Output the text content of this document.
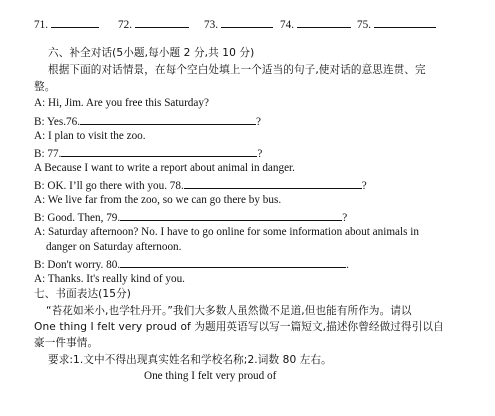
71.	72.	73.	74.	75.
六、补全对话(5小题,每小题 2 分,共 10 分)
根据下面的对话情景，在每个空白处填上一个适当的句子,使对话的意思连贯、完
整。
A: Hi, Jim. Are you free this Saturday?
B: Yes.76.	?
A: I plan to visit the zoo.
B: 77.	?
A Because I want to write a report about animal in danger.
B: OK. I’ll go there with you. 78.	?
A: We live far from the zoo, so we can go there by bus.
B: Good. Then, 79.	?
A: Saturday afternoon? No. I have to go online for some information about animals in
danger on Saturday afternoon.
B: Don't worry. 80.	.
A: Thanks. It's really kind of you.
七、书面表达(15分)
“苔花如米小,也学牡丹开。”我们大多数人虽然微不足道,但也能有所作为。请以
One thing I felt very proud of 为题用英语写以写一篇短文,描述你曾经做过得引以自
豪一件事情。
要求:1.文中不得出现真实姓名和学校名称;2.词数 80 左右。
One thing I felt very proud of
